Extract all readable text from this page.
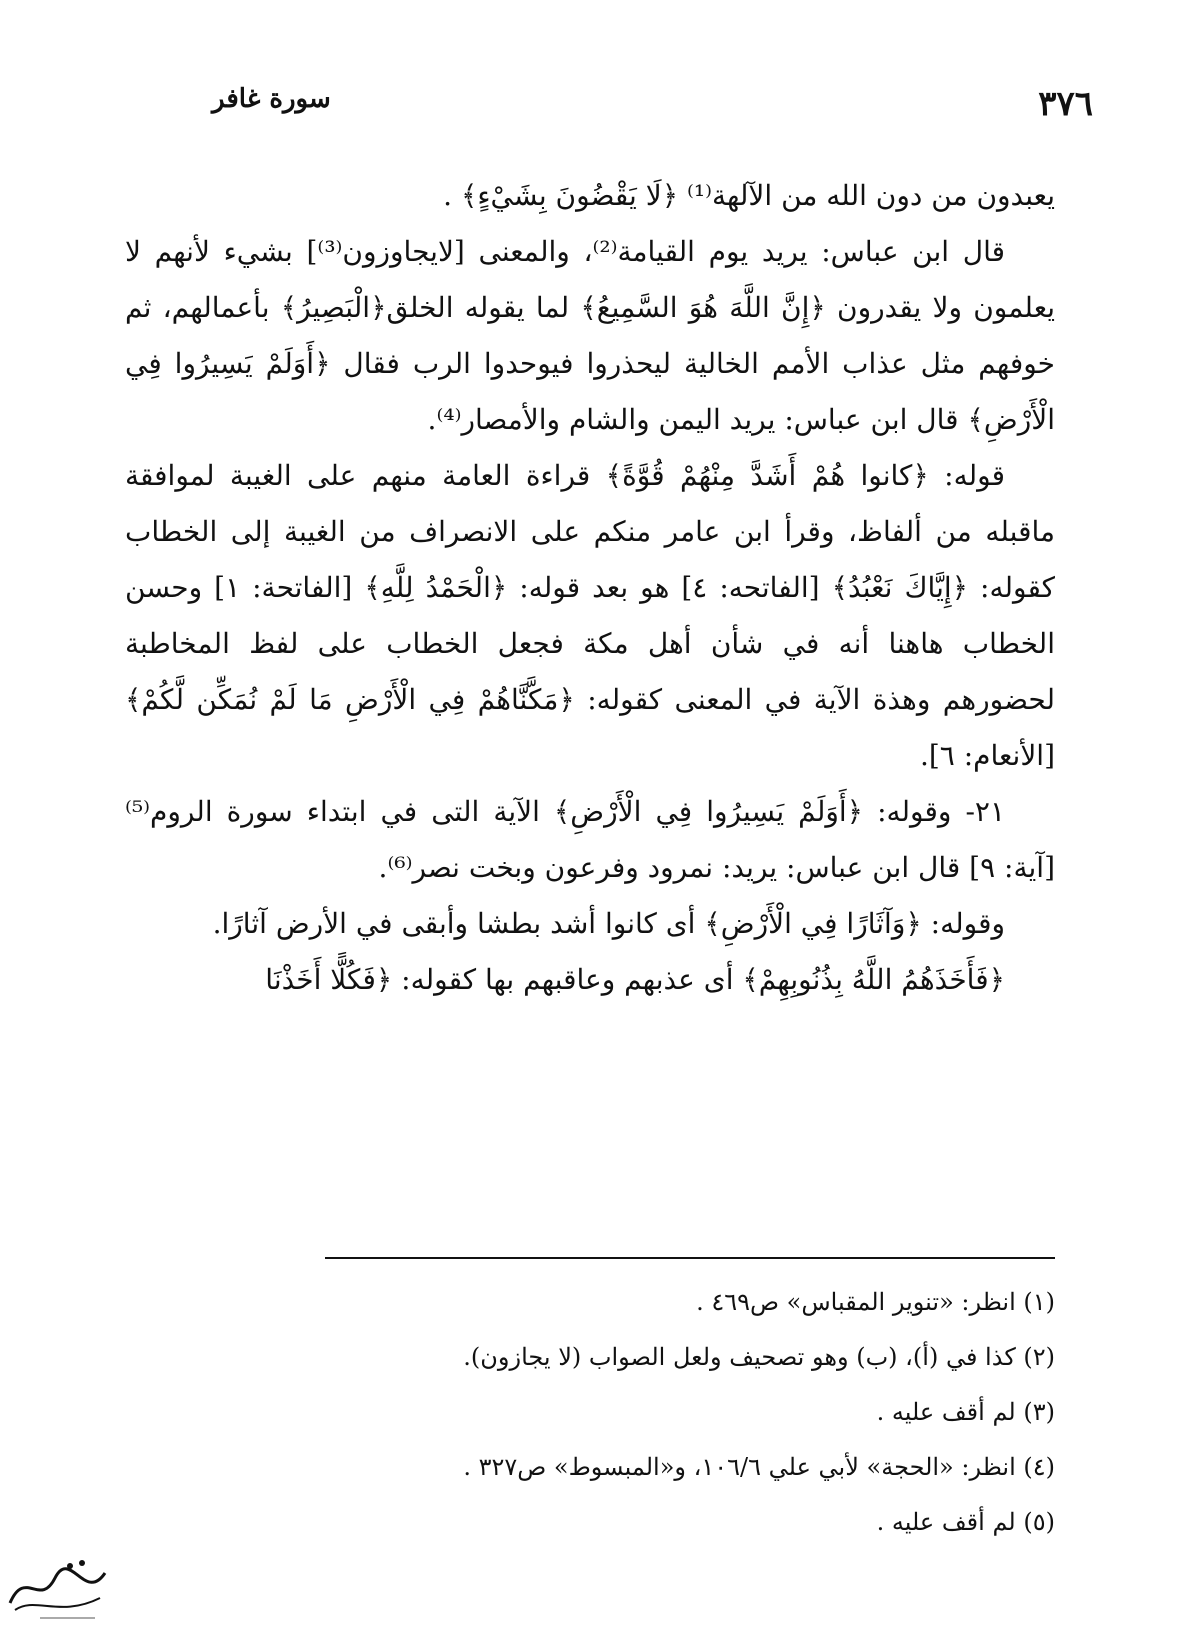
سورة غافر	٣٧٦

يعبدون من دون الله من الآلهة⁽¹⁾ ﴿لَا يَقْضُونَ بِشَيْءٍ﴾ .

قال ابن عباس: يريد يوم القيامة⁽²⁾، والمعنى [لايجاوزون⁽³⁾] بشيء لأنهم لا يعلمون ولا يقدرون ﴿إِنَّ اللَّهَ هُوَ السَّمِيعُ﴾ لما يقوله الخلق﴿الْبَصِيرُ﴾ بأعمالهم، ثم خوفهم مثل عذاب الأمم الخالية ليحذروا فيوحدوا الرب فقال ﴿أَوَلَمْ يَسِيرُوا فِي الْأَرْضِ﴾ قال ابن عباس: يريد اليمن والشام والأمصار⁽⁴⁾.

قوله: ﴿كانوا هُمْ أَشَدَّ مِنْهُمْ قُوَّةً﴾ قراءة العامة منهم على الغيبة لموافقة ماقبله من ألفاظ، وقرأ ابن عامر منكم على الانصراف من الغيبة إلى الخطاب كقوله: ﴿إِيَّاكَ نَعْبُدُ﴾ [الفاتحه: ٤] هو بعد قوله: ﴿الْحَمْدُ لِلَّهِ﴾ [الفاتحة: ١] وحسن الخطاب هاهنا أنه في شأن أهل مكة فجعل الخطاب على لفظ المخاطبة لحضورهم وهذة الآية في المعنى كقوله: ﴿مَكَّنَّاهُمْ فِي الْأَرْضِ مَا لَمْ نُمَكِّن لَّكُمْ﴾ [الأنعام: ٦].

٢١- وقوله: ﴿أَوَلَمْ يَسِيرُوا فِي الْأَرْضِ﴾ الآية التى في ابتداء سورة الروم⁽⁵⁾ [آية: ٩] قال ابن عباس: يريد: نمرود وفرعون وبخت نصر⁽⁶⁾.

وقوله: ﴿وَآثَارًا فِي الْأَرْضِ﴾ أى كانوا أشد بطشا وأبقى في الأرض آثارًا.

﴿فَأَخَذَهُمُ اللَّهُ بِذُنُوبِهِمْ﴾ أى عذبهم وعاقبهم بها كقوله: ﴿فَكُلًّا أَخَذْنَا

(١) انظر: «تنوير المقباس» ص٤٦٩ .

(٢) كذا في (أ)، (ب) وهو تصحيف ولعل الصواب (لا يجازون).

(٣) لم أقف عليه .

(٤) انظر: «الحجة» لأبي علي ١٠٦/٦، و«المبسوط» ص٣٢٧ .

(٥) لم أقف عليه .
